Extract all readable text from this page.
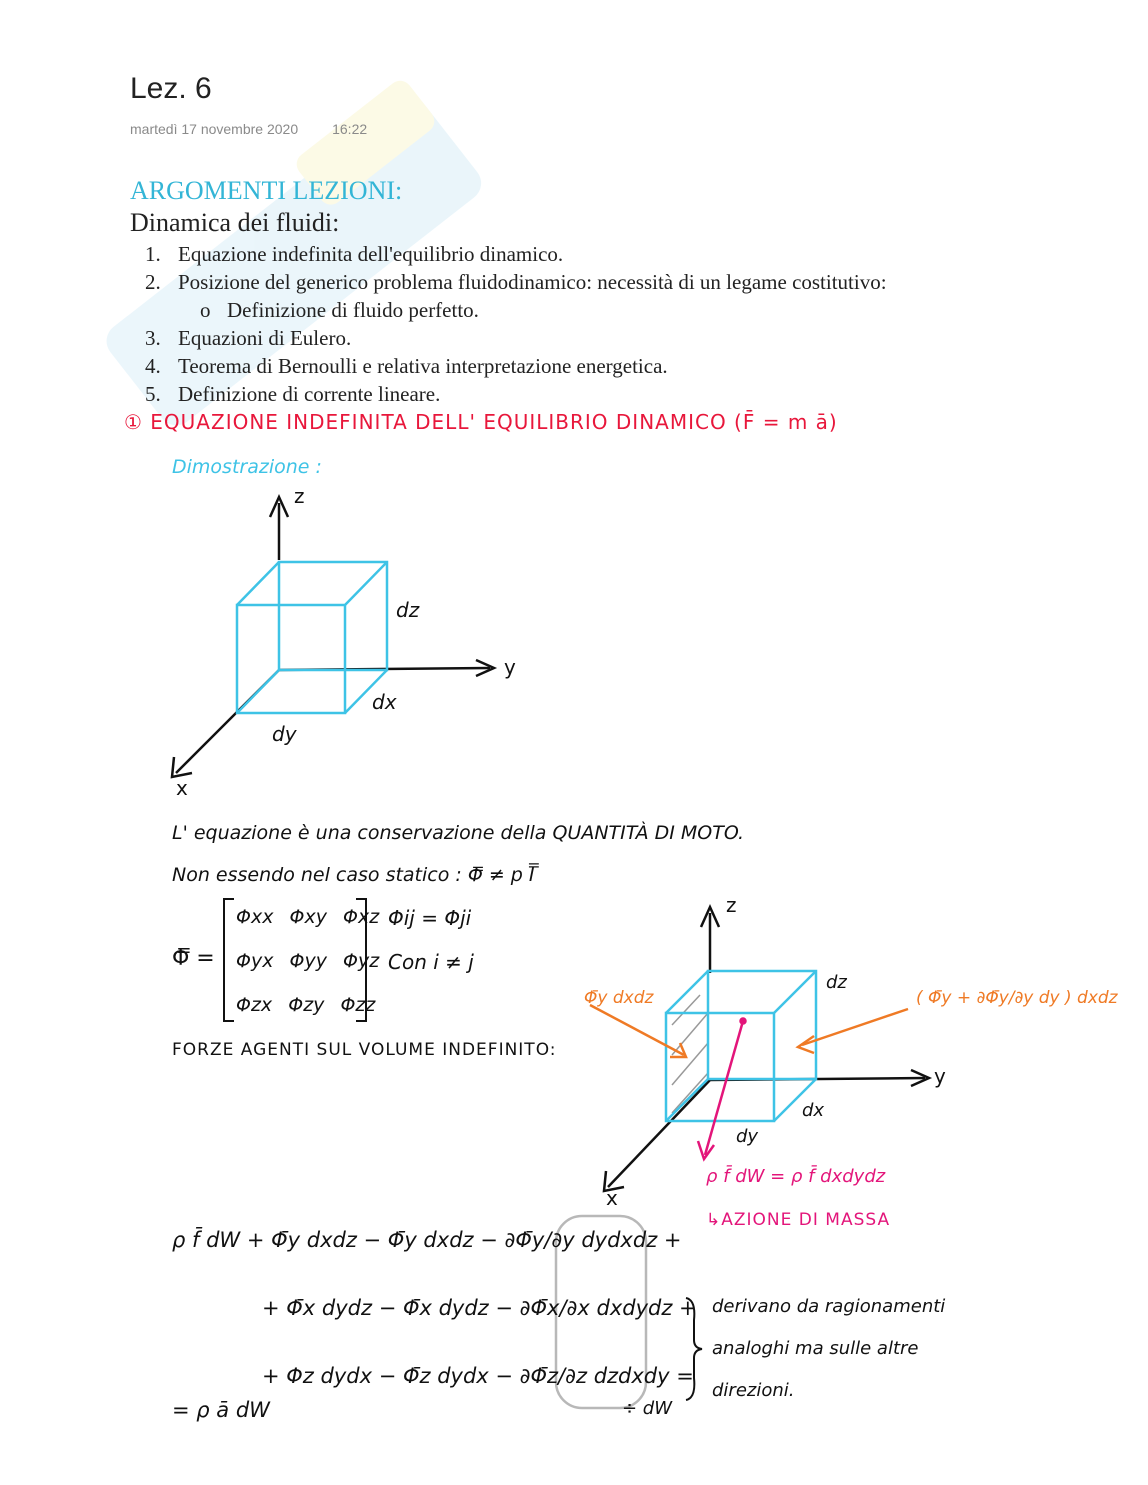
Lez. 6
martedì 17 novembre 2020 16:22
ARGOMENTI LEZIONI:
Dinamica dei fluidi:
1. Equazione indefinita dell'equilibrio dinamico.
2. Posizione del generico problema fluidodinamico: necessità di un legame costitutivo:
o Definizione di fluido perfetto.
3. Equazioni di Eulero.
4. Teorema di Bernoulli e relativa interpretazione energetica.
5. Definizione di corrente lineare.
① EQUAZIONE INDEFINITA DELL' EQUILIBRIO DINAMICO (F̄ = m ā)
Dimostrazione :
z
y
x
dz
dx
dy
L' equazione è una conservazione della QUANTITÀ DI MOTO.
Non essendo nel caso statico : Φ̿ ≠ p I̿
Φ̿ =
Φxx Φxy Φxz
Φyx Φyy Φyz
Φzx Φzy Φzz
Φij = Φji
Con i ≠ j
FORZE AGENTI SUL VOLUME INDEFINITO:
z
y
x
dz
dx
dy
Φ̄y dxdz	( Φ̄y + ∂Φ̄y/∂y dy ) dxdz
ρ f̄ dW = ρ f̄ dxdydz
↳AZIONE DI MASSA
ρ f̄ dW + Φ̄y dxdz − Φ̄y dxdz − ∂Φ̄y/∂y dydxdz +
+ Φ̄x dydz − Φ̄x dydz − ∂Φ̄x/∂x dxdydz +
+ Φz dydx − Φ̄z dydx − ∂Φ̄z/∂z dzdxdy =
= ρ ā dW	÷ dW
derivano da ragionamenti
analoghi ma sulle altre
direzioni.
